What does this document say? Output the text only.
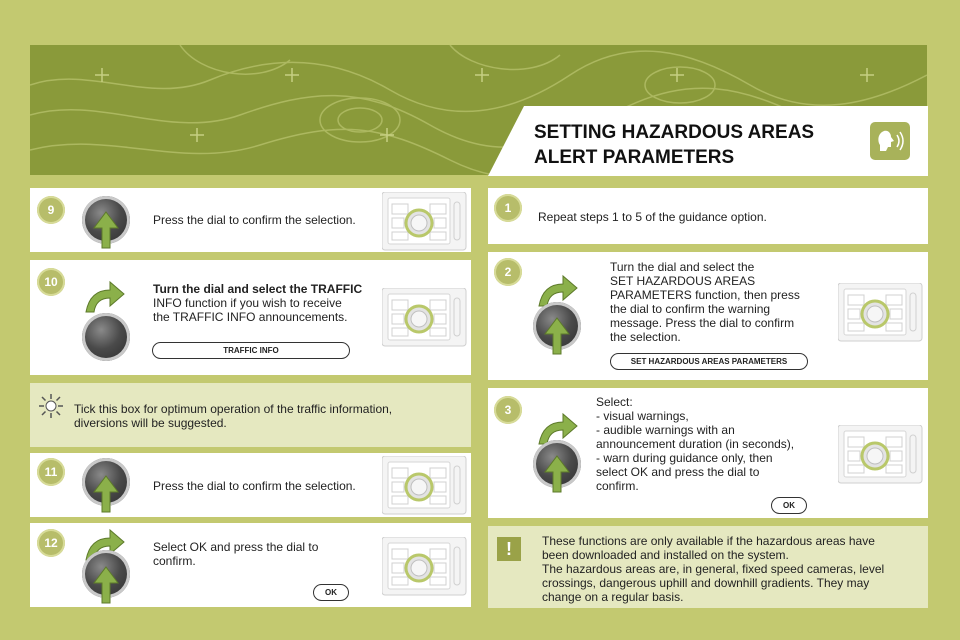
SETTING HAZARDOUS AREAS
ALERT PARAMETERS
9
Press the dial to confirm the selection.
10	Turn the dial and select the TRAFFIC
INFO function if you wish to receive
the TRAFFIC INFO announcements.
TRAFFIC INFO
Tick this box for optimum operation of the traffic information,
diversions will be suggested.
11
Press the dial to confirm the selection.
12	Select OK and press the dial to
confirm.
OK
1
Repeat steps 1 to 5 of the guidance option.
2	Turn the dial and select the
SET HAZARDOUS AREAS
PARAMETERS function, then press
the dial to confirm the warning
message. Press the dial to confirm
the selection.
SET HAZARDOUS AREAS PARAMETERS
3
Select:
- visual warnings,
- audible warnings with an
announcement duration (in seconds),
- warn during guidance only, then
select OK and press the dial to
confirm.
OK
!	These functions are only available if the hazardous areas have
been downloaded and installed on the system.
The hazardous areas are, in general, fixed speed cameras, level
crossings, dangerous uphill and downhill gradients. They may
change on a regular basis.
